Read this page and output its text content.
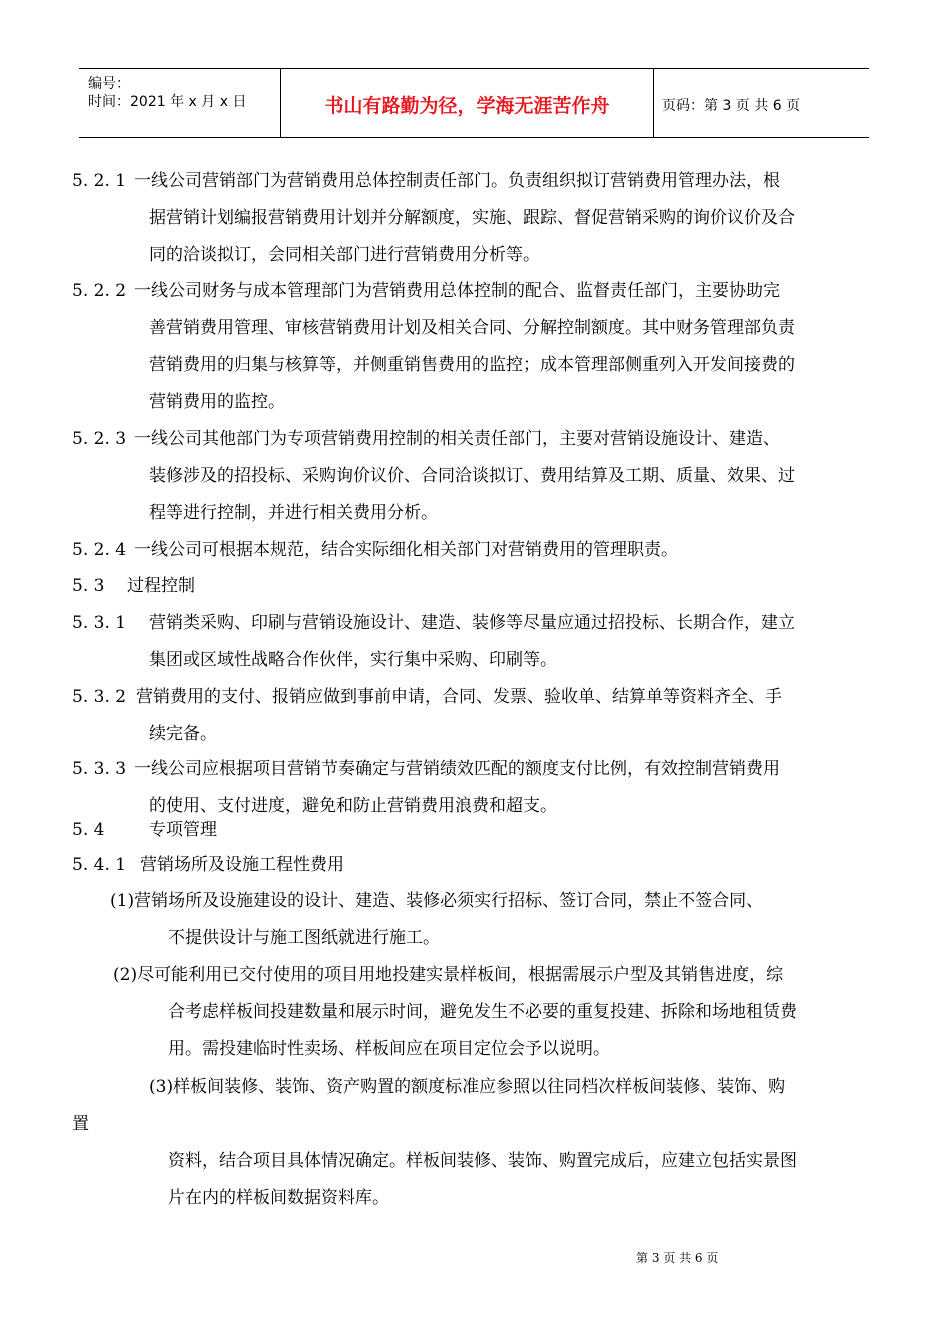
编号：
时间：2021 年 x 月 x 日	书山有路勤为径，学海无涯苦作舟	页码：第 3 页 共 6 页
5. 2. 1 一线公司营销部门为营销费用总体控制责任部门。负责组织拟订营销费用管理办法，根
据营销计划编报营销费用计划并分解额度，实施、跟踪、督促营销采购的询价议价及合
同的洽谈拟订，会同相关部门进行营销费用分析等。
5. 2. 2 一线公司财务与成本管理部门为营销费用总体控制的配合、监督责任部门，主要协助完
善营销费用管理、审核营销费用计划及相关合同、分解控制额度。其中财务管理部负责
营销费用的归集与核算等，并侧重销售费用的监控；成本管理部侧重列入开发间接费的
营销费用的监控。
5. 2. 3 一线公司其他部门为专项营销费用控制的相关责任部门，主要对营销设施设计、建造、
装修涉及的招投标、采购询价议价、合同洽谈拟订、费用结算及工期、质量、效果、过
程等进行控制，并进行相关费用分析。
5. 2. 4 一线公司可根据本规范，结合实际细化相关部门对营销费用的管理职责。
5. 3 过程控制
5. 3. 1 营销类采购、印刷与营销设施设计、建造、装修等尽量应通过招投标、长期合作，建立
集团或区域性战略合作伙伴，实行集中采购、印刷等。
5. 3. 2 营销费用的支付、报销应做到事前申请，合同、发票、验收单、结算单等资料齐全、手
续完备。
5. 3. 3 一线公司应根据项目营销节奏确定与营销绩效匹配的额度支付比例，有效控制营销费用
的使用、支付进度，避免和防止营销费用浪费和超支。
5. 4	专项管理
5. 4. 1 营销场所及设施工程性费用
(1)营销场所及设施建设的设计、建造、装修必须实行招标、签订合同，禁止不签合同、
不提供设计与施工图纸就进行施工。
(2)尽可能利用已交付使用的项目用地投建实景样板间，根据需展示户型及其销售进度，综
合考虑样板间投建数量和展示时间，避免发生不必要的重复投建、拆除和场地租赁费
用。需投建临时性卖场、样板间应在项目定位会予以说明。
(3)样板间装修、装饰、资产购置的额度标准应参照以往同档次样板间装修、装饰、购
置
资料，结合项目具体情况确定。样板间装修、装饰、购置完成后，应建立包括实景图
片在内的样板间数据资料库。
第 3 页 共 6 页
